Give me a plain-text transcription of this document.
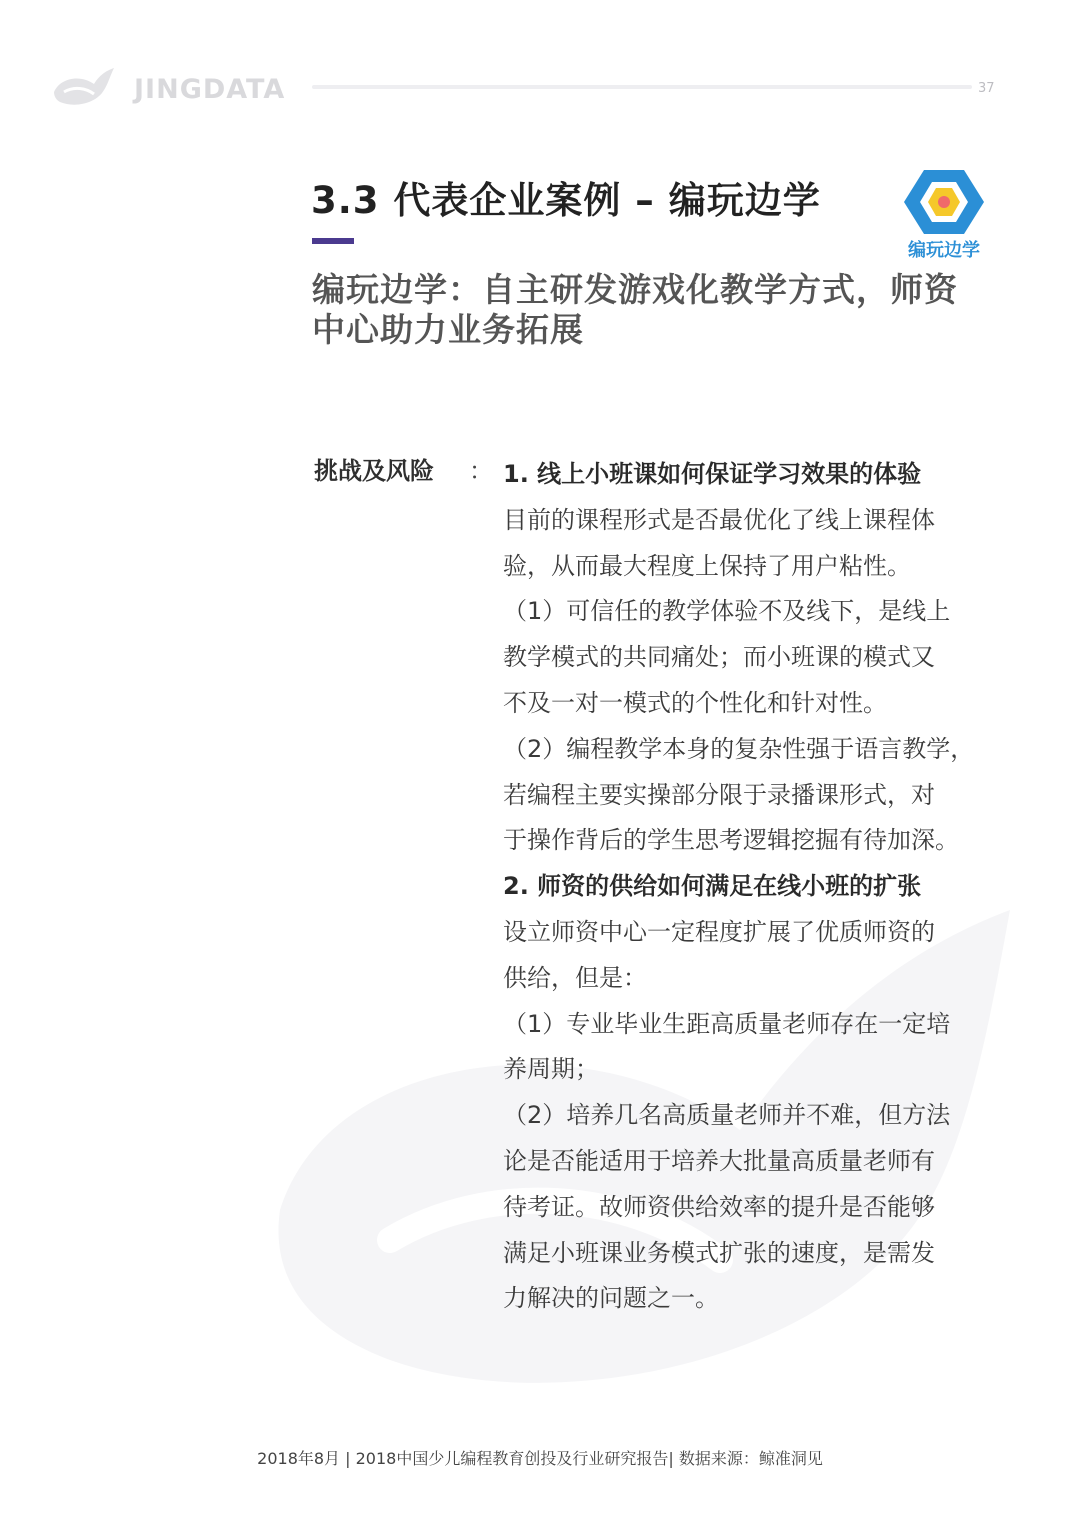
JINGDATA	37
3.3 代表企业案例 – 编玩边学
编玩边学
编玩边学：自主研发游戏化教学方式，师资
中心助力业务拓展
挑战及风险 ： 1. 线上小班课如何保证学习效果的体验

目前的课程形式是否最优化了线上课程体

验，从而最大程度上保持了用户粘性。

（1）可信任的教学体验不及线下，是线上

教学模式的共同痛处；而小班课的模式又

不及一对一模式的个性化和针对性。

（2）编程教学本身的复杂性强于语言教学，

若编程主要实操部分限于录播课形式，对

于操作背后的学生思考逻辑挖掘有待加深。

2. 师资的供给如何满足在线小班的扩张

设立师资中心一定程度扩展了优质师资的

供给，但是：

（1）专业毕业生距高质量老师存在一定培

养周期；

（2）培养几名高质量老师并不难，但方法

论是否能适用于培养大批量高质量老师有

待考证。故师资供给效率的提升是否能够

满足小班课业务模式扩张的速度，是需发

力解决的问题之一。

2018年8月 | 2018中国少儿编程教育创投及行业研究报告| 数据来源：鲸准洞见
